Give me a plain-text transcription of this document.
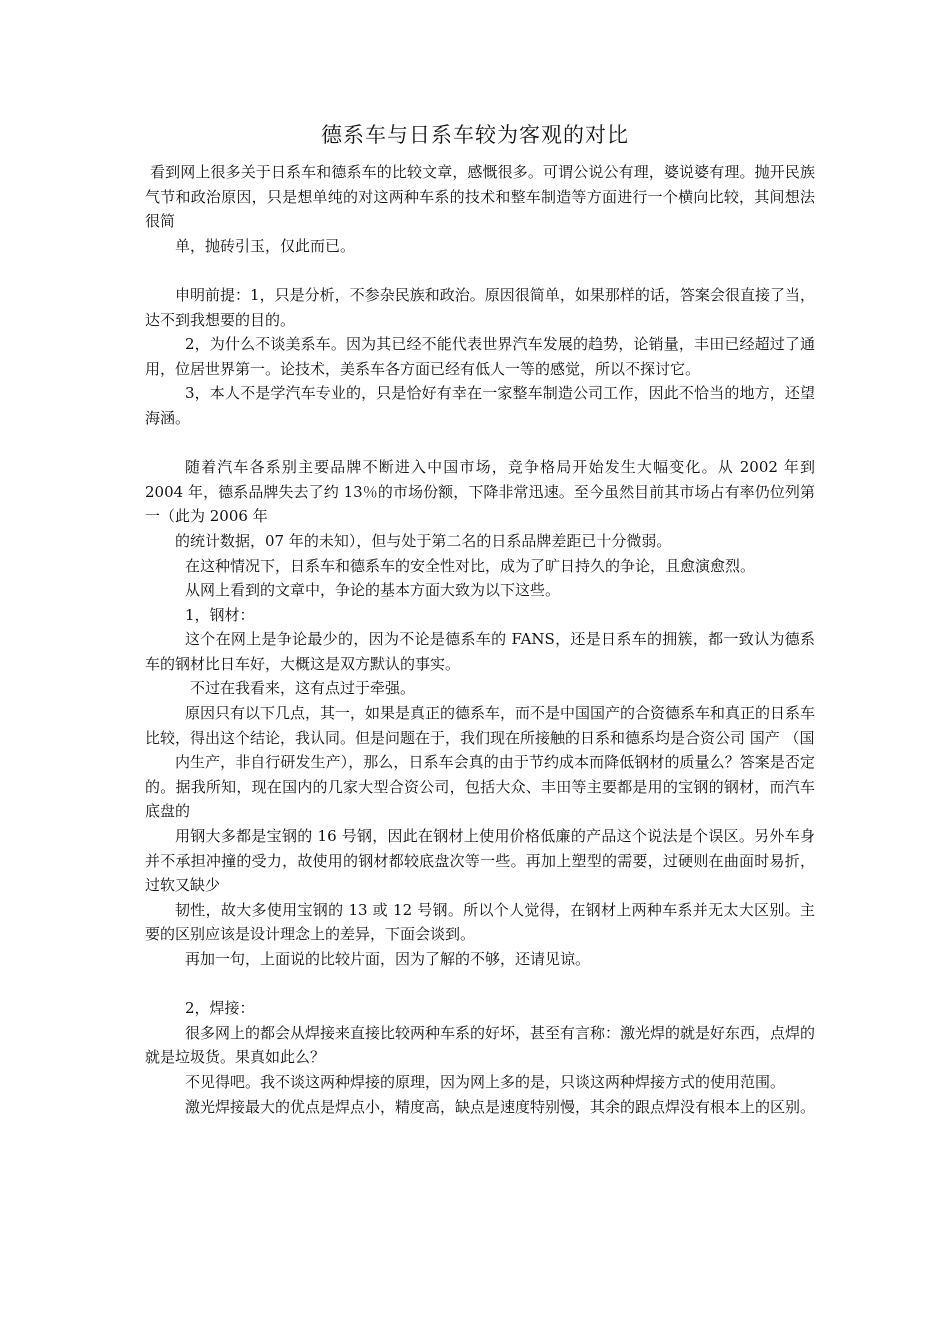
德系车与日系车较为客观的对比

看到网上很多关于日系车和德系车的比较文章，感慨很多。可谓公说公有理，婆说婆有理。抛开民族气节和政治原因，只是想单纯的对这两种车系的技术和整车制造等方面进行一个横向比较，其间想法很简

单，抛砖引玉，仅此而已。

申明前提：1，只是分析，不参杂民族和政治。原因很简单，如果那样的话，答案会很直接了当，达不到我想要的目的。

2，为什么不谈美系车。因为其已经不能代表世界汽车发展的趋势，论销量，丰田已经超过了通用，位居世界第一。论技术，美系车各方面已经有低人一等的感觉，所以不探讨它。

3，本人不是学汽车专业的，只是恰好有幸在一家整车制造公司工作，因此不恰当的地方，还望海涵。

随着汽车各系别主要品牌不断进入中国市场，竞争格局开始发生大幅变化。从 2002 年到 2004 年，德系品牌失去了约 13％的市场份额，下降非常迅速。至今虽然目前其市场占有率仍位列第一（此为 2006 年

的统计数据，07 年的未知），但与处于第二名的日系品牌差距已十分微弱。

在这种情况下，日系车和德系车的安全性对比，成为了旷日持久的争论，且愈演愈烈。

从网上看到的文章中，争论的基本方面大致为以下这些。

1，钢材：

这个在网上是争论最少的，因为不论是德系车的 FANS，还是日系车的拥簇，都一致认为德系车的钢材比日车好，大概这是双方默认的事实。

不过在我看来，这有点过于牵强。

原因只有以下几点，其一，如果是真正的德系车，而不是中国国产的合资德系车和真正的日系车比较，得出这个结论，我认同。但是问题在于，我们现在所接触的日系和德系均是合资公司 国产 （国

内生产，非自行研发生产），那么，日系车会真的由于节约成本而降低钢材的质量么？答案是否定的。据我所知，现在国内的几家大型合资公司，包括大众、丰田等主要都是用的宝钢的钢材，而汽车底盘的

用钢大多都是宝钢的 16 号钢，因此在钢材上使用价格低廉的产品这个说法是个误区。另外车身并不承担冲撞的受力，故使用的钢材都较底盘次等一些。再加上塑型的需要，过硬则在曲面时易折，过软又缺少

韧性，故大多使用宝钢的 13 或 12 号钢。所以个人觉得，在钢材上两种车系并无太大区别。主要的区别应该是设计理念上的差异，下面会谈到。

再加一句，上面说的比较片面，因为了解的不够，还请见谅。

2，焊接：

很多网上的都会从焊接来直接比较两种车系的好坏，甚至有言称：激光焊的就是好东西，点焊的就是垃圾货。果真如此么？

不见得吧。我不谈这两种焊接的原理，因为网上多的是，只谈这两种焊接方式的使用范围。

激光焊接最大的优点是焊点小，精度高，缺点是速度特别慢，其余的跟点焊没有根本上的区别。
